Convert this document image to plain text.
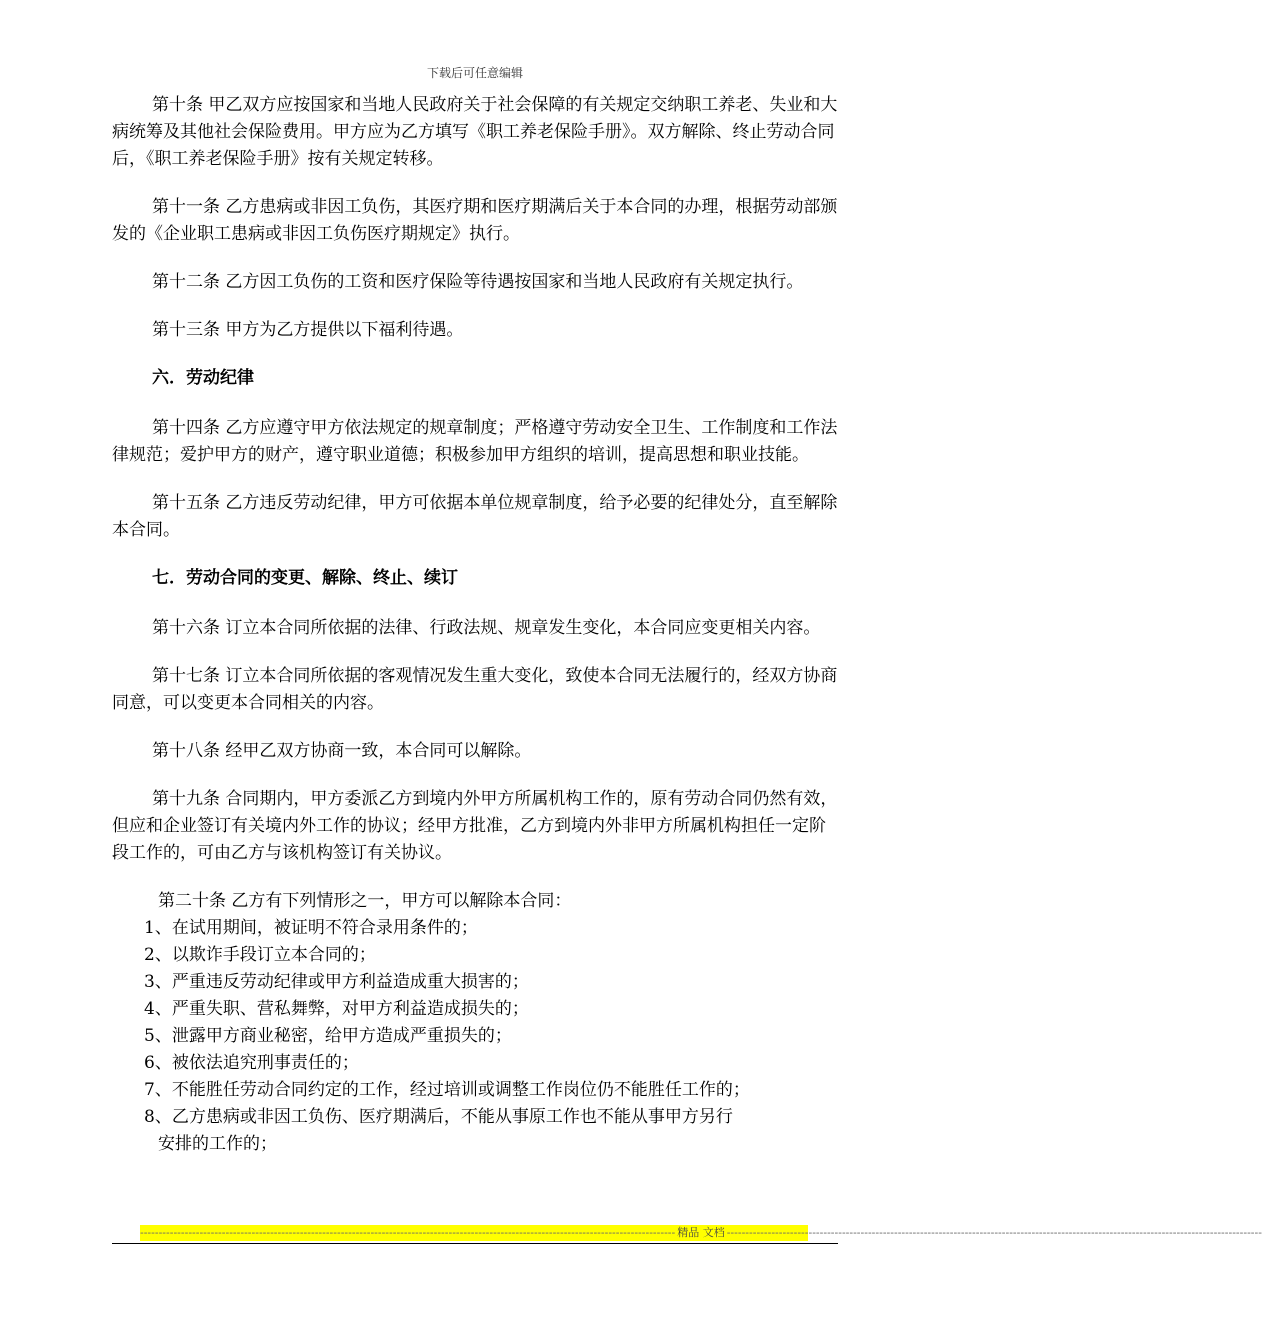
下载后可任意编辑

第十条 甲乙双方应按国家和当地人民政府关于社会保障的有关规定交纳职工养老、失业和大病统筹及其他社会保险费用。甲方应为乙方填写《职工养老保险手册》。双方解除、终止劳动合同后，《职工养老保险手册》按有关规定转移。

第十一条 乙方患病或非因工负伤，其医疗期和医疗期满后关于本合同的办理，根据劳动部颁发的《企业职工患病或非因工负伤医疗期规定》执行。

第十二条 乙方因工负伤的工资和医疗保险等待遇按国家和当地人民政府有关规定执行。

第十三条 甲方为乙方提供以下福利待遇。

六．劳动纪律

第十四条 乙方应遵守甲方依法规定的规章制度；严格遵守劳动安全卫生、工作制度和工作法律规范；爱护甲方的财产，遵守职业道德；积极参加甲方组织的培训，提高思想和职业技能。

第十五条 乙方违反劳动纪律，甲方可依据本单位规章制度，给予必要的纪律处分，直至解除本合同。

七．劳动合同的变更、解除、终止、续订

第十六条 订立本合同所依据的法律、行政法规、规章发生变化，本合同应变更相关内容。

第十七条 订立本合同所依据的客观情况发生重大变化，致使本合同无法履行的，经双方协商同意，可以变更本合同相关的内容。

第十八条 经甲乙双方协商一致，本合同可以解除。

第十九条 合同期内，甲方委派乙方到境内外甲方所属机构工作的，原有劳动合同仍然有效，但应和企业签订有关境内外工作的协议；经甲方批准，乙方到境内外非甲方所属机构担任一定阶段工作的，可由乙方与该机构签订有关协议。

第二十条 乙方有下列情形之一，甲方可以解除本合同：
1、在试用期间，被证明不符合录用条件的；
2、以欺诈手段订立本合同的；
3、严重违反劳动纪律或甲方利益造成重大损害的；
4、严重失职、营私舞弊，对甲方利益造成损失的；
5、泄露甲方商业秘密，给甲方造成严重损失的；
6、被依法追究刑事责任的；
7、不能胜任劳动合同约定的工作，经过培训或调整工作岗位仍不能胜任工作的；
8、乙方患病或非因工负伤、医疗期满后，不能从事原工作也不能从事甲方另行
安排的工作的；
------------------------------------------------------------------------------------------------------------------------------------------------ 精品 文档 ------------------------------------------------------------------------------------------------------------------------------------------------
